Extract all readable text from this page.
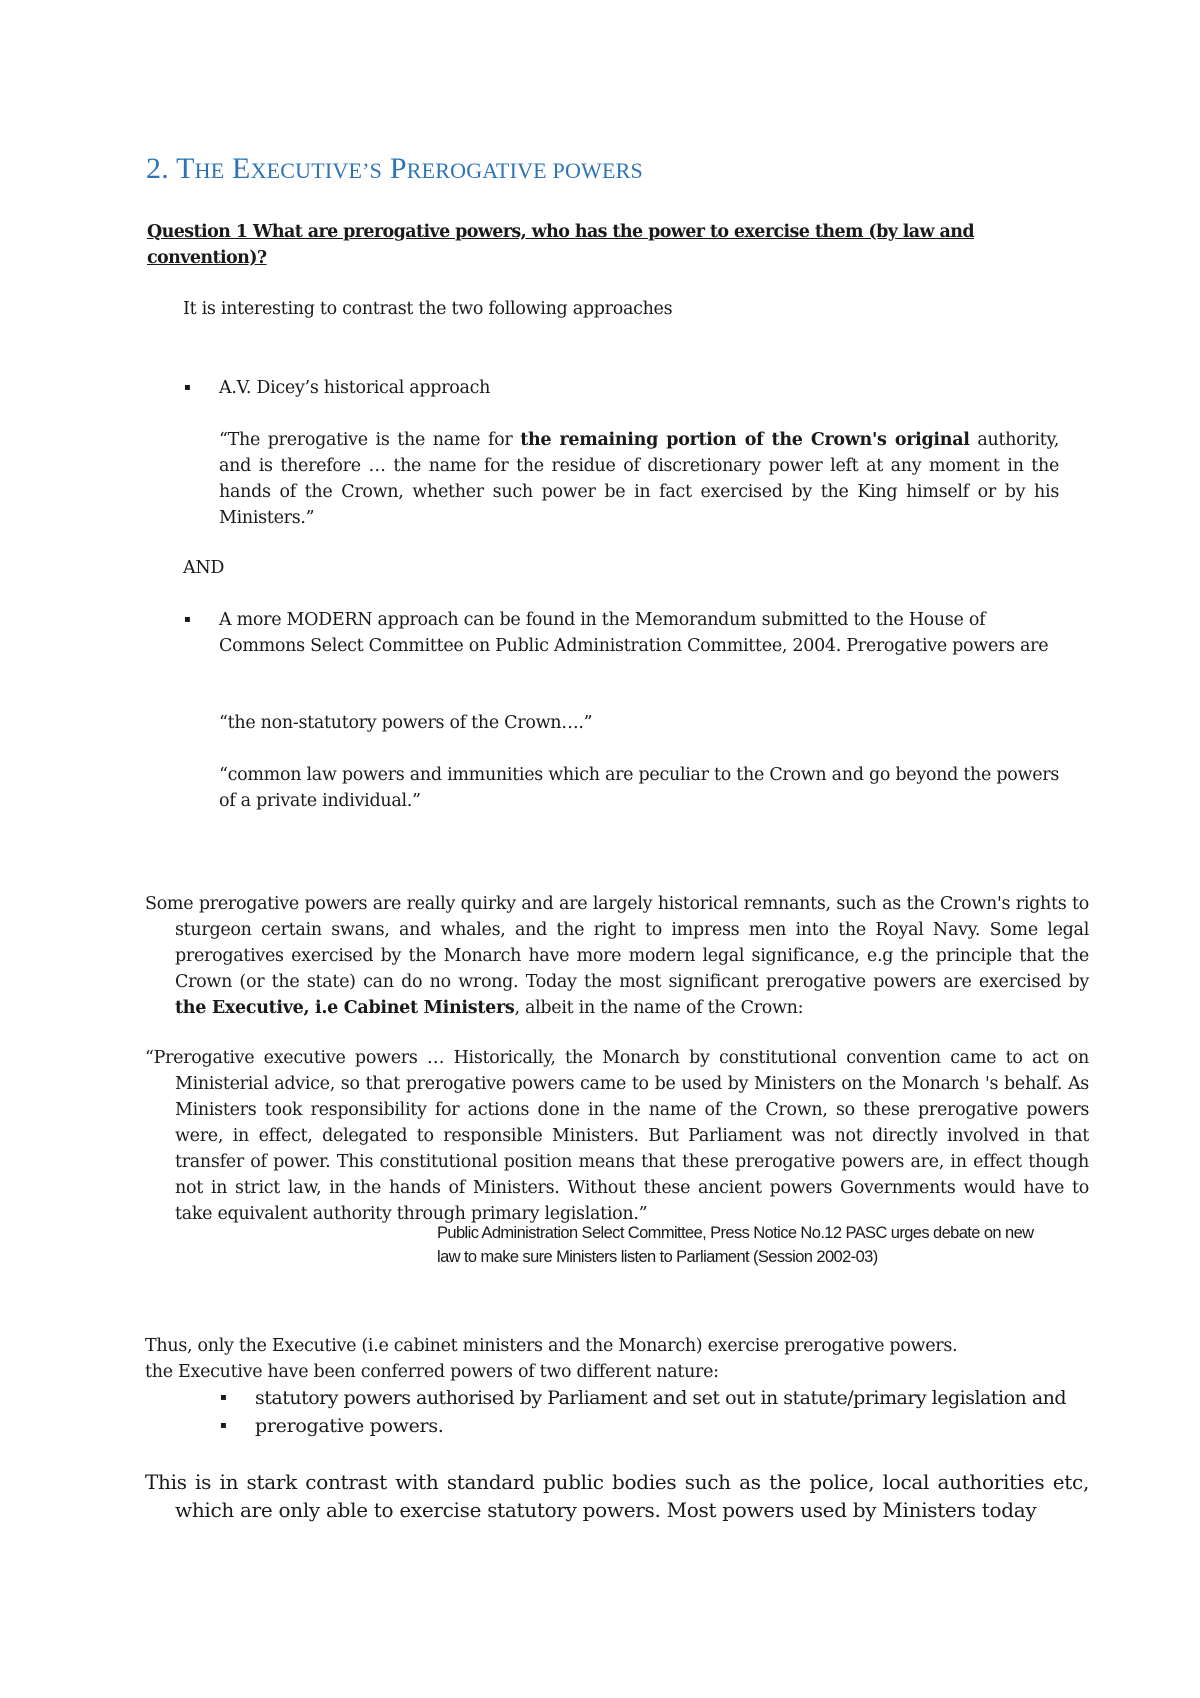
2. THE EXECUTIVE’S PREROGATIVE POWERS
Question 1 What are prerogative powers, who has the power to exercise them (by law and convention)?
It is interesting to contrast the two following approaches
▪ A.V. Dicey’s historical approach
“The prerogative is the name for the remaining portion of the Crown's original authority, and is therefore … the name for the residue of discretionary power left at any moment in the hands of the Crown, whether such power be in fact exercised by the King himself or by his Ministers.”
AND
▪ A more MODERN approach can be found in the Memorandum submitted to the House of Commons Select Committee on Public Administration Committee, 2004. Prerogative powers are
“the non-statutory powers of the Crown….”
“common law powers and immunities which are peculiar to the Crown and go beyond the powers of a private individual.”
Some prerogative powers are really quirky and are largely historical remnants, such as the Crown's rights to sturgeon certain swans, and whales, and the right to impress men into the Royal Navy. Some legal prerogatives exercised by the Monarch have more modern legal significance, e.g the principle that the Crown (or the state) can do no wrong. Today the most significant prerogative powers are exercised by the Executive, i.e Cabinet Ministers, albeit in the name of the Crown:
“Prerogative executive powers … Historically, the Monarch by constitutional convention came to act on Ministerial advice, so that prerogative powers came to be used by Ministers on the Monarch 's behalf. As Ministers took responsibility for actions done in the name of the Crown, so these prerogative powers were, in effect, delegated to responsible Ministers. But Parliament was not directly involved in that transfer of power. This constitutional position means that these prerogative powers are, in effect though not in strict law, in the hands of Ministers. Without these ancient powers Governments would have to take equivalent authority through primary legislation.”
Public Administration Select Committee, Press Notice No.12 PASC urges debate on new law to make sure Ministers listen to Parliament (Session 2002-03)
Thus, only the Executive (i.e cabinet ministers and the Monarch) exercise prerogative powers.
the Executive have been conferred powers of two different nature:
▪ statutory powers authorised by Parliament and set out in statute/primary legislation and
▪ prerogative powers.
This is in stark contrast with standard public bodies such as the police, local authorities etc, which are only able to exercise statutory powers. Most powers used by Ministers today
